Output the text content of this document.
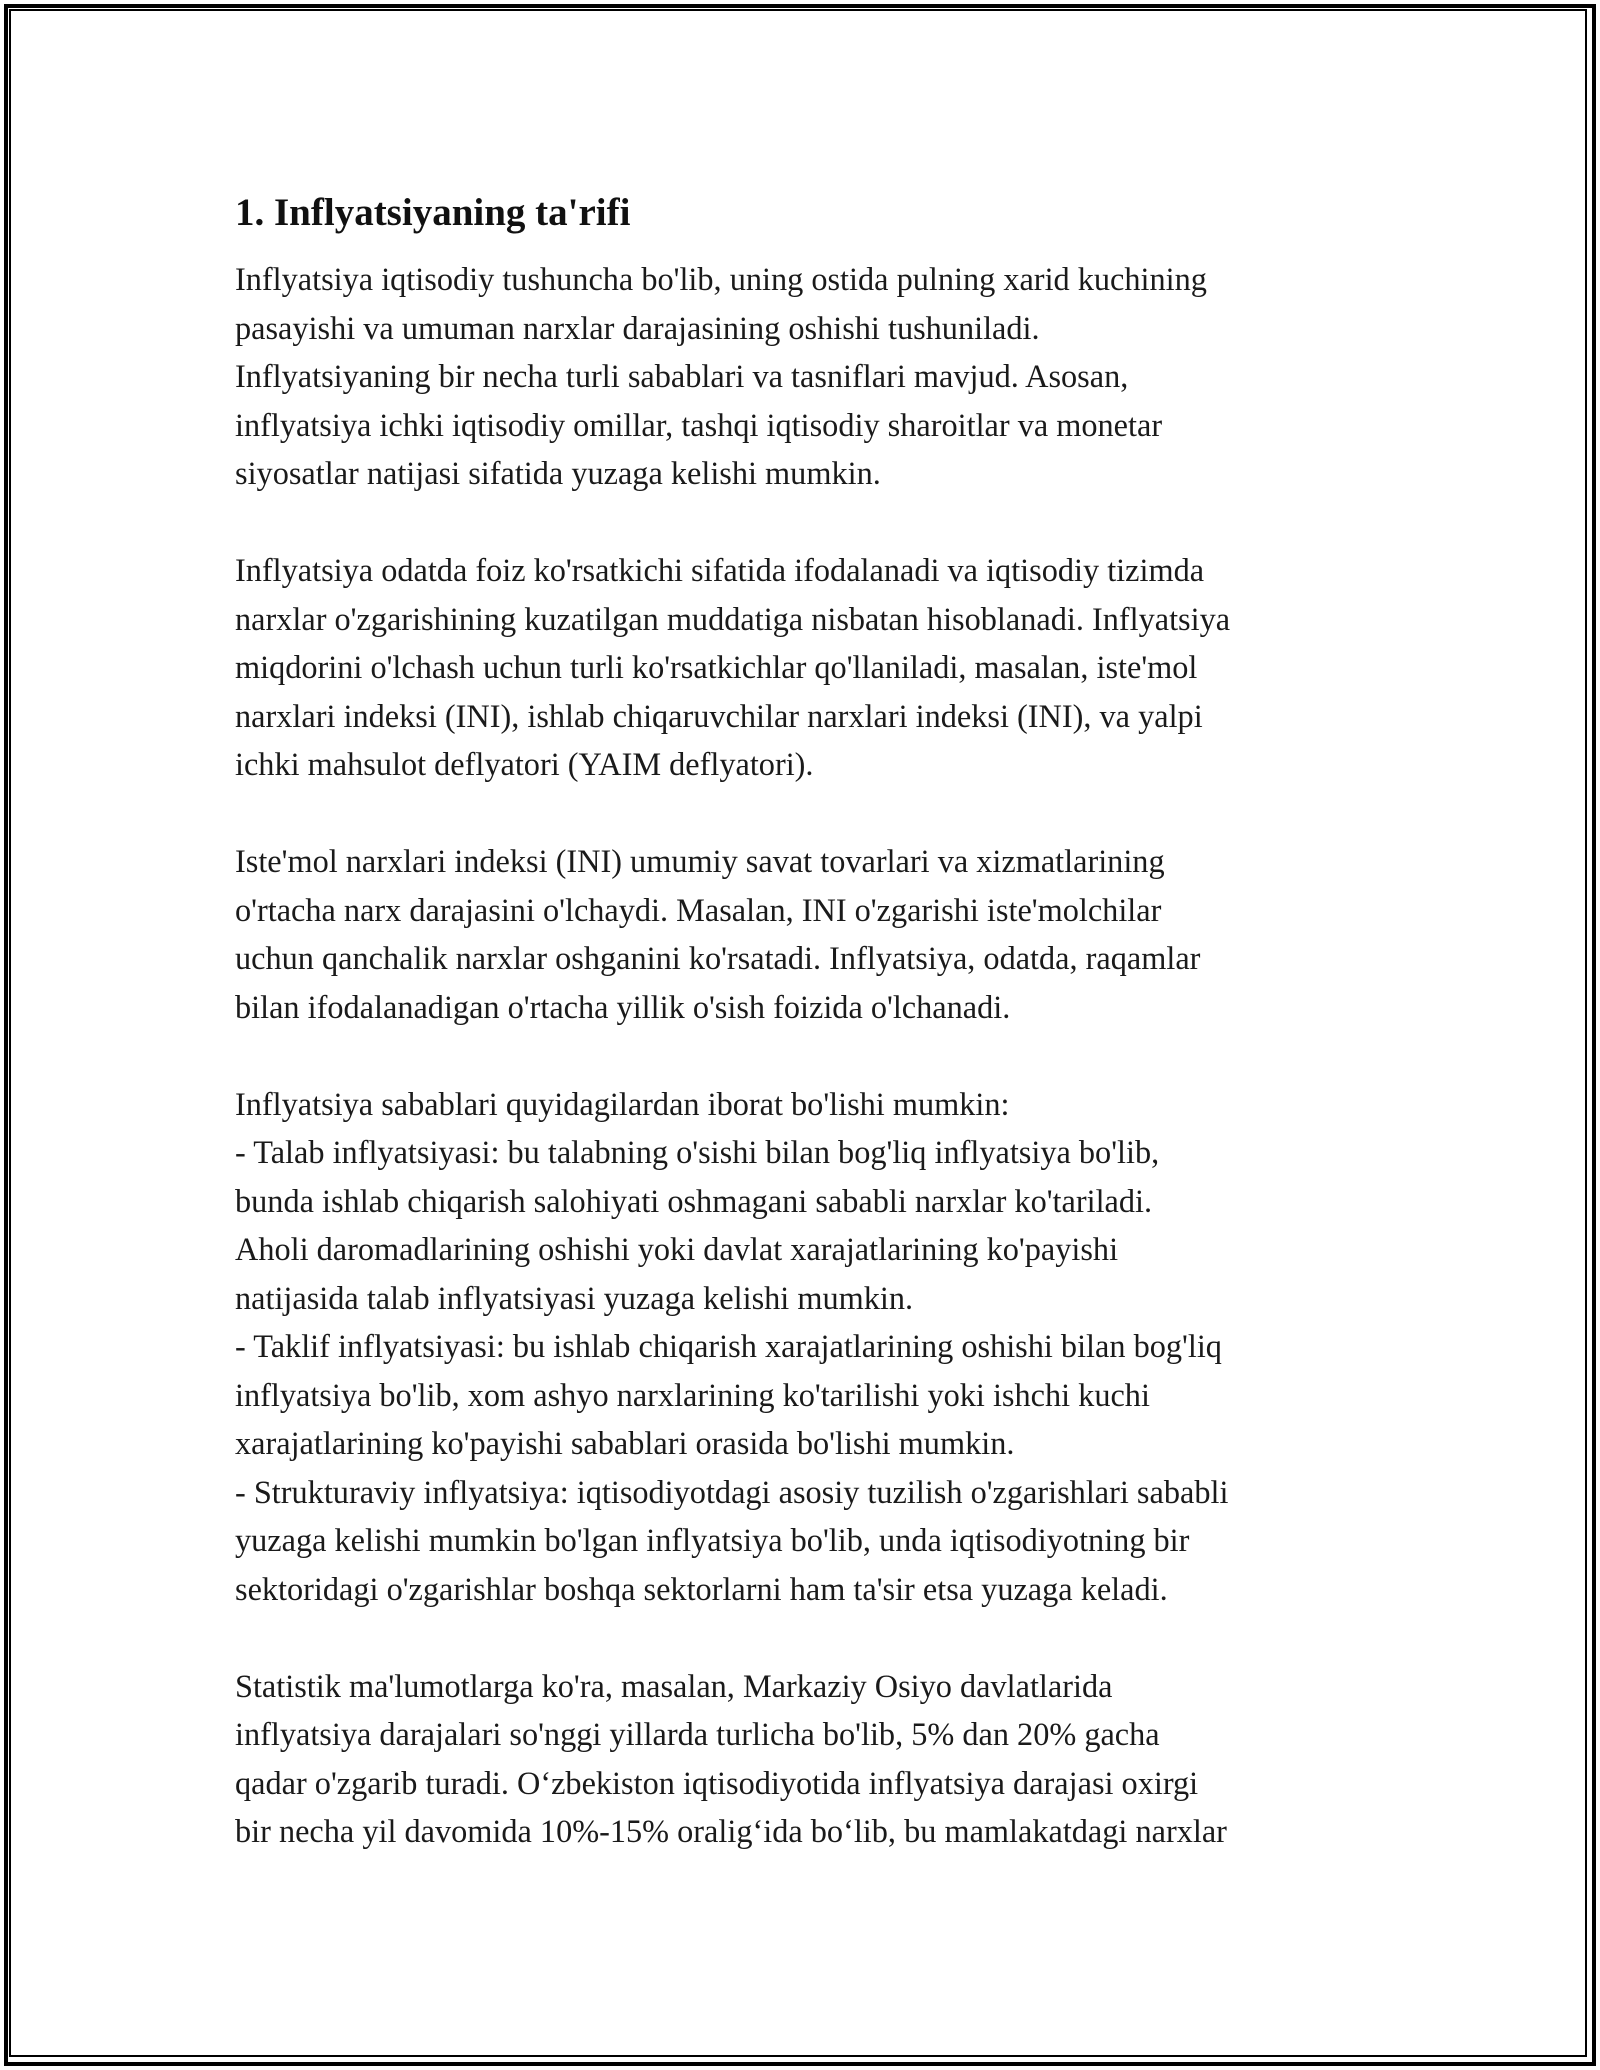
1. Inflyatsiyaning ta'rifi

Inflyatsiya iqtisodiy tushuncha bo'lib, uning ostida pulning xarid kuchining
pasayishi va umuman narxlar darajasining oshishi tushuniladi.
Inflyatsiyaning bir necha turli sabablari va tasniflari mavjud. Asosan,
inflyatsiya ichki iqtisodiy omillar, tashqi iqtisodiy sharoitlar va monetar
siyosatlar natijasi sifatida yuzaga kelishi mumkin.

Inflyatsiya odatda foiz ko'rsatkichi sifatida ifodalanadi va iqtisodiy tizimda
narxlar o'zgarishining kuzatilgan muddatiga nisbatan hisoblanadi. Inflyatsiya
miqdorini o'lchash uchun turli ko'rsatkichlar qo'llaniladi, masalan, iste'mol
narxlari indeksi (INI), ishlab chiqaruvchilar narxlari indeksi (INI), va yalpi
ichki mahsulot deflyatori (YAIM deflyatori).

Iste'mol narxlari indeksi (INI) umumiy savat tovarlari va xizmatlarining
o'rtacha narx darajasini o'lchaydi. Masalan, INI o'zgarishi iste'molchilar
uchun qanchalik narxlar oshganini ko'rsatadi. Inflyatsiya, odatda, raqamlar
bilan ifodalanadigan o'rtacha yillik o'sish foizida o'lchanadi.

Inflyatsiya sabablari quyidagilardan iborat bo'lishi mumkin:
- Talab inflyatsiyasi: bu talabning o'sishi bilan bog'liq inflyatsiya bo'lib,
bunda ishlab chiqarish salohiyati oshmagani sababli narxlar ko'tariladi.
Aholi daromadlarining oshishi yoki davlat xarajatlarining ko'payishi
natijasida talab inflyatsiyasi yuzaga kelishi mumkin.
- Taklif inflyatsiyasi: bu ishlab chiqarish xarajatlarining oshishi bilan bog'liq
inflyatsiya bo'lib, xom ashyo narxlarining ko'tarilishi yoki ishchi kuchi
xarajatlarining ko'payishi sabablari orasida bo'lishi mumkin.
- Strukturaviy inflyatsiya: iqtisodiyotdagi asosiy tuzilish o'zgarishlari sababli
yuzaga kelishi mumkin bo'lgan inflyatsiya bo'lib, unda iqtisodiyotning bir
sektoridagi o'zgarishlar boshqa sektorlarni ham ta'sir etsa yuzaga keladi.

Statistik ma'lumotlarga ko'ra, masalan, Markaziy Osiyo davlatlarida
inflyatsiya darajalari so'nggi yillarda turlicha bo'lib, 5% dan 20% gacha
qadar o'zgarib turadi. O‘zbekiston iqtisodiyotida inflyatsiya darajasi oxirgi
bir necha yil davomida 10%-15% oralig‘ida bo‘lib, bu mamlakatdagi narxlar
